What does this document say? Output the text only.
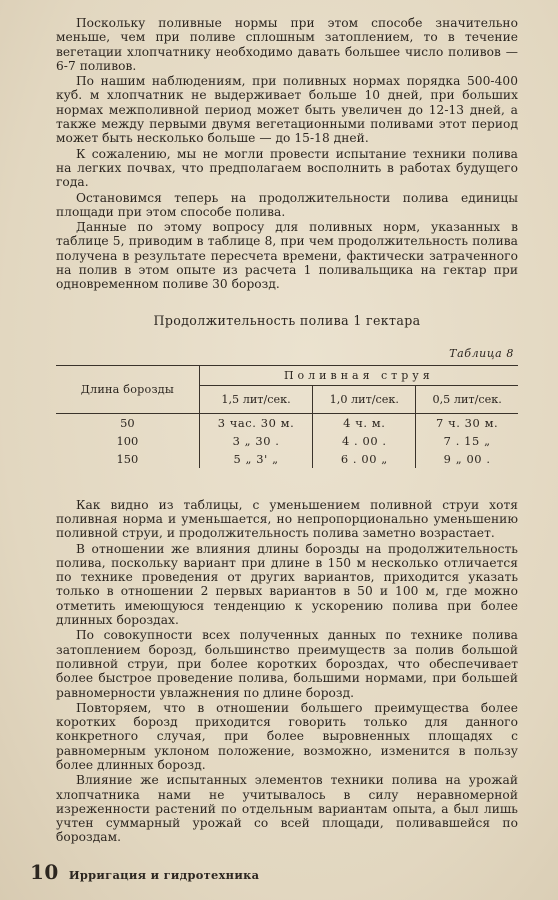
Поскольку поливные нормы при этом способе значительно меньше, чем при поливе сплошным затоплением, то в течение вегетации хлопчатнику необходимо давать большее число поливов — 6-7 поливов.

По нашим наблюдениям, при поливных нормах порядка 500-400 куб. м хлопчатник не выдерживает больше 10 дней, при больших нормах межполивной период может быть увеличен до 12-13 дней, а также между первыми двумя вегетационными поливами этот период может быть несколько больше — до 15-18 дней.

К сожалению, мы не могли провести испытание техники полива на легких почвах, что предполагаем восполнить в работах будущего года.

Остановимся теперь на продолжительности полива единицы площади при этом способе полива.

Данные по этому вопросу для поливных норм, указанных в таблице 5, приводим в таблице 8, при чем продолжительность полива получена в результате пересчета времени, фактически затраченного на полив в этом опыте из расчета 1 поливальщика на гектар при одновременном поливе 30 борозд.

Продолжительность полива 1 гектара
Таблица 8
Длина борозды	Поливная струя		
	1,5 лит/сек.	1,0 лит/сек.	0,5 лит/сек.
50	3 час. 30 м.	4 ч. м.	7 ч. 30 м.
100	3 „ 30 .	4 . 00 .	7 . 15 „
150	5 „ 3' „	6 . 00 „	9 „ 00 .

Как видно из таблицы, с уменьшением поливной струи хотя поливная норма и уменьшается, но непропорционально уменьшению поливной струи, и продолжительность полива заметно возрастает.

В отношении же влияния длины борозды на продолжительность полива, поскольку вариант при длине в 150 м несколько отличается по технике проведения от других вариантов, приходится указать только в отношении 2 первых вариантов в 50 и 100 м, где можно отметить имеющуюся тенденцию к ускорению полива при более длинных бороздах.

По совокупности всех полученных данных по технике полива затоплением борозд, большинство преимуществ за полив большой поливной струи, при более коротких бороздах, что обеспечивает более быстрое проведение полива, большими нормами, при большей равномерности увлажнения по длине борозд.

Повторяем, что в отношении большего преимущества более коротких борозд приходится говорить только для данного конкретного случая, при более выровненных площадях с равномерным уклоном положение, возможно, изменится в пользу более длинных борозд.

Влияние же испытанных элементов техники полива на урожай хлопчатника нами не учитывалось в силу неравномерной изреженности растений по отдельным вариантам опыта, а был лишь учтен суммарный урожай со всей площади, поливавшейся по бороздам.

10 Ирригация и гидротехника
